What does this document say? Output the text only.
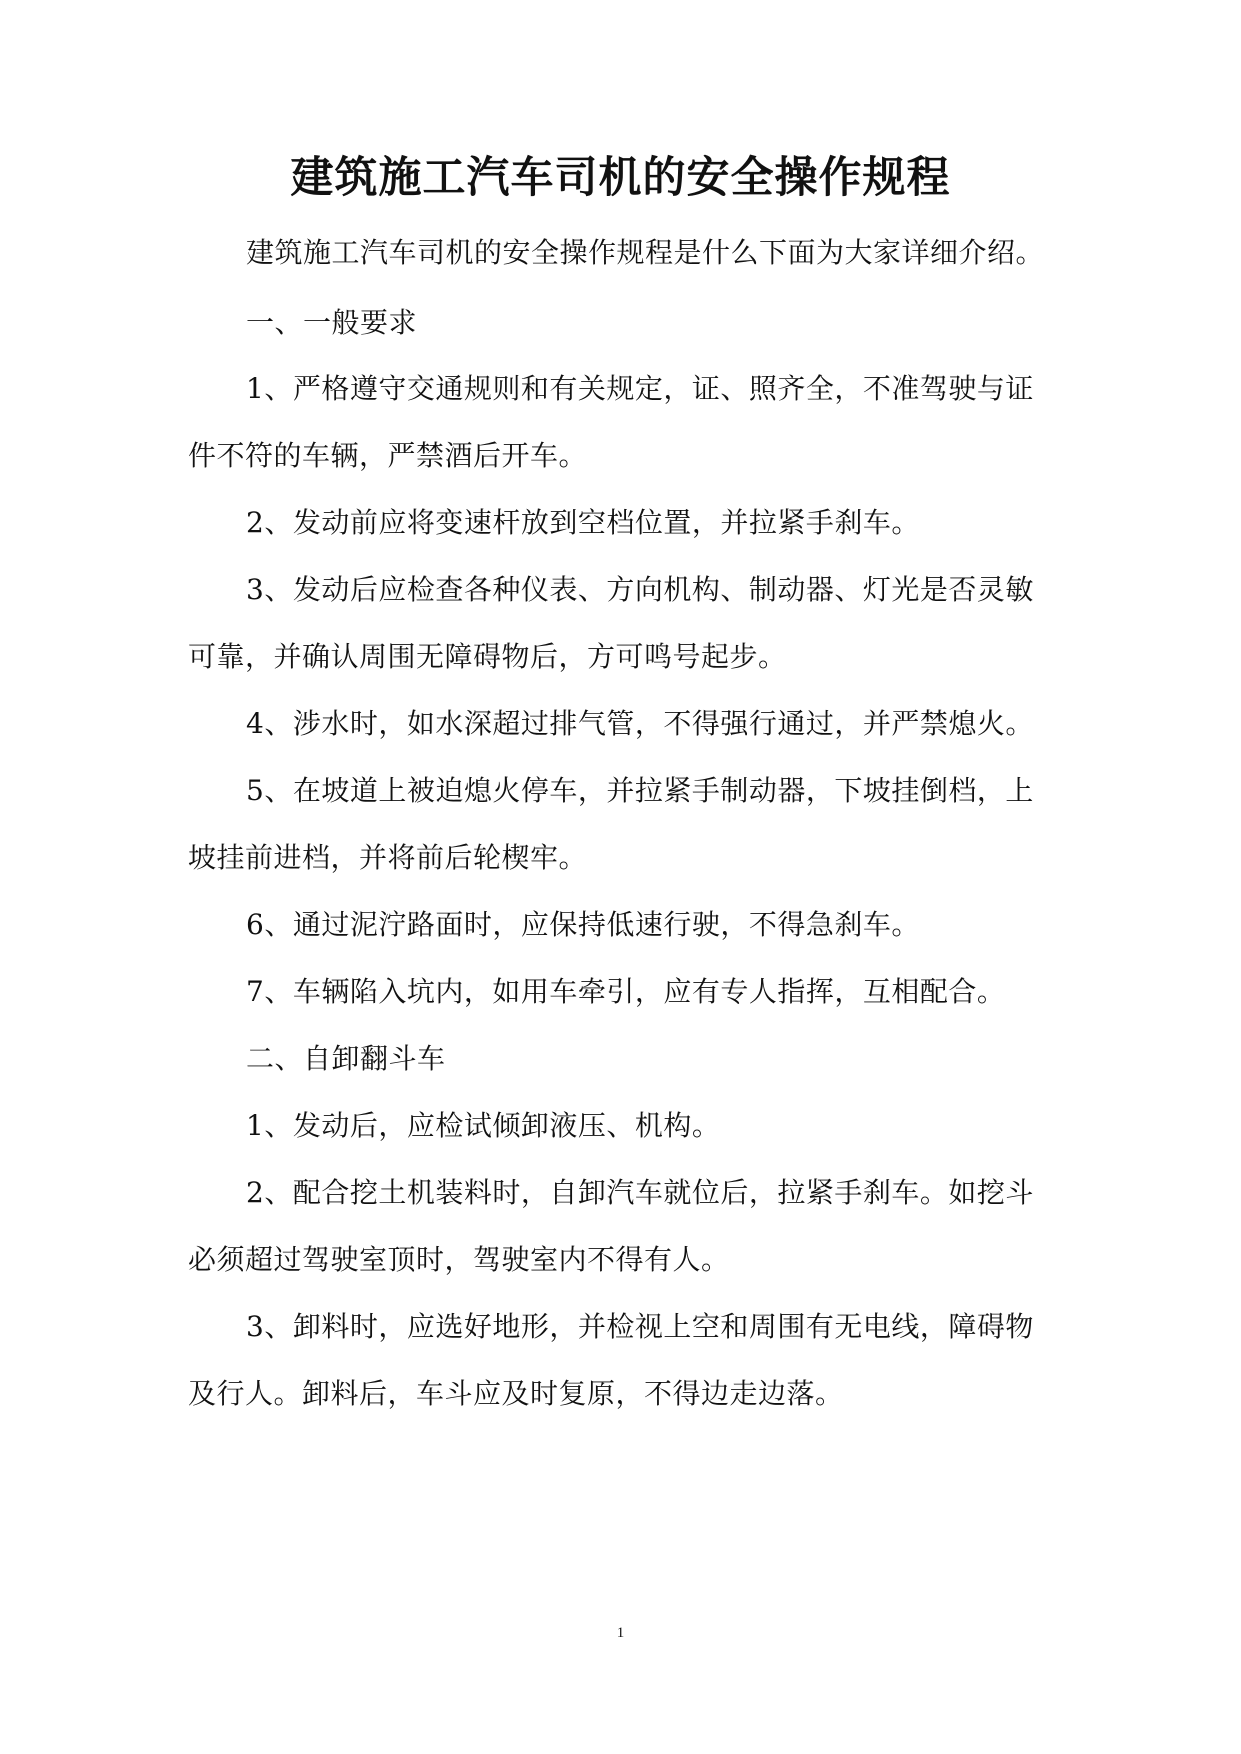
建筑施工汽车司机的安全操作规程
建筑施工汽车司机的安全操作规程是什么下面为大家详细介绍。
一、一般要求
1、严格遵守交通规则和有关规定，证、照齐全，不准驾驶与证
件不符的车辆，严禁酒后开车。
2、发动前应将变速杆放到空档位置，并拉紧手刹车。
3、发动后应检查各种仪表、方向机构、制动器、灯光是否灵敏
可靠，并确认周围无障碍物后，方可鸣号起步。
4、涉水时，如水深超过排气管，不得强行通过，并严禁熄火。
5、在坡道上被迫熄火停车，并拉紧手制动器，下坡挂倒档，上
坡挂前进档，并将前后轮楔牢。
6、通过泥泞路面时，应保持低速行驶，不得急刹车。
7、车辆陷入坑内，如用车牵引，应有专人指挥，互相配合。
二、自卸翻斗车
1、发动后，应检试倾卸液压、机构。
2、配合挖土机装料时，自卸汽车就位后，拉紧手刹车。如挖斗
必须超过驾驶室顶时，驾驶室内不得有人。
3、卸料时，应选好地形，并检视上空和周围有无电线，障碍物
及行人。卸料后，车斗应及时复原，不得边走边落。
1
